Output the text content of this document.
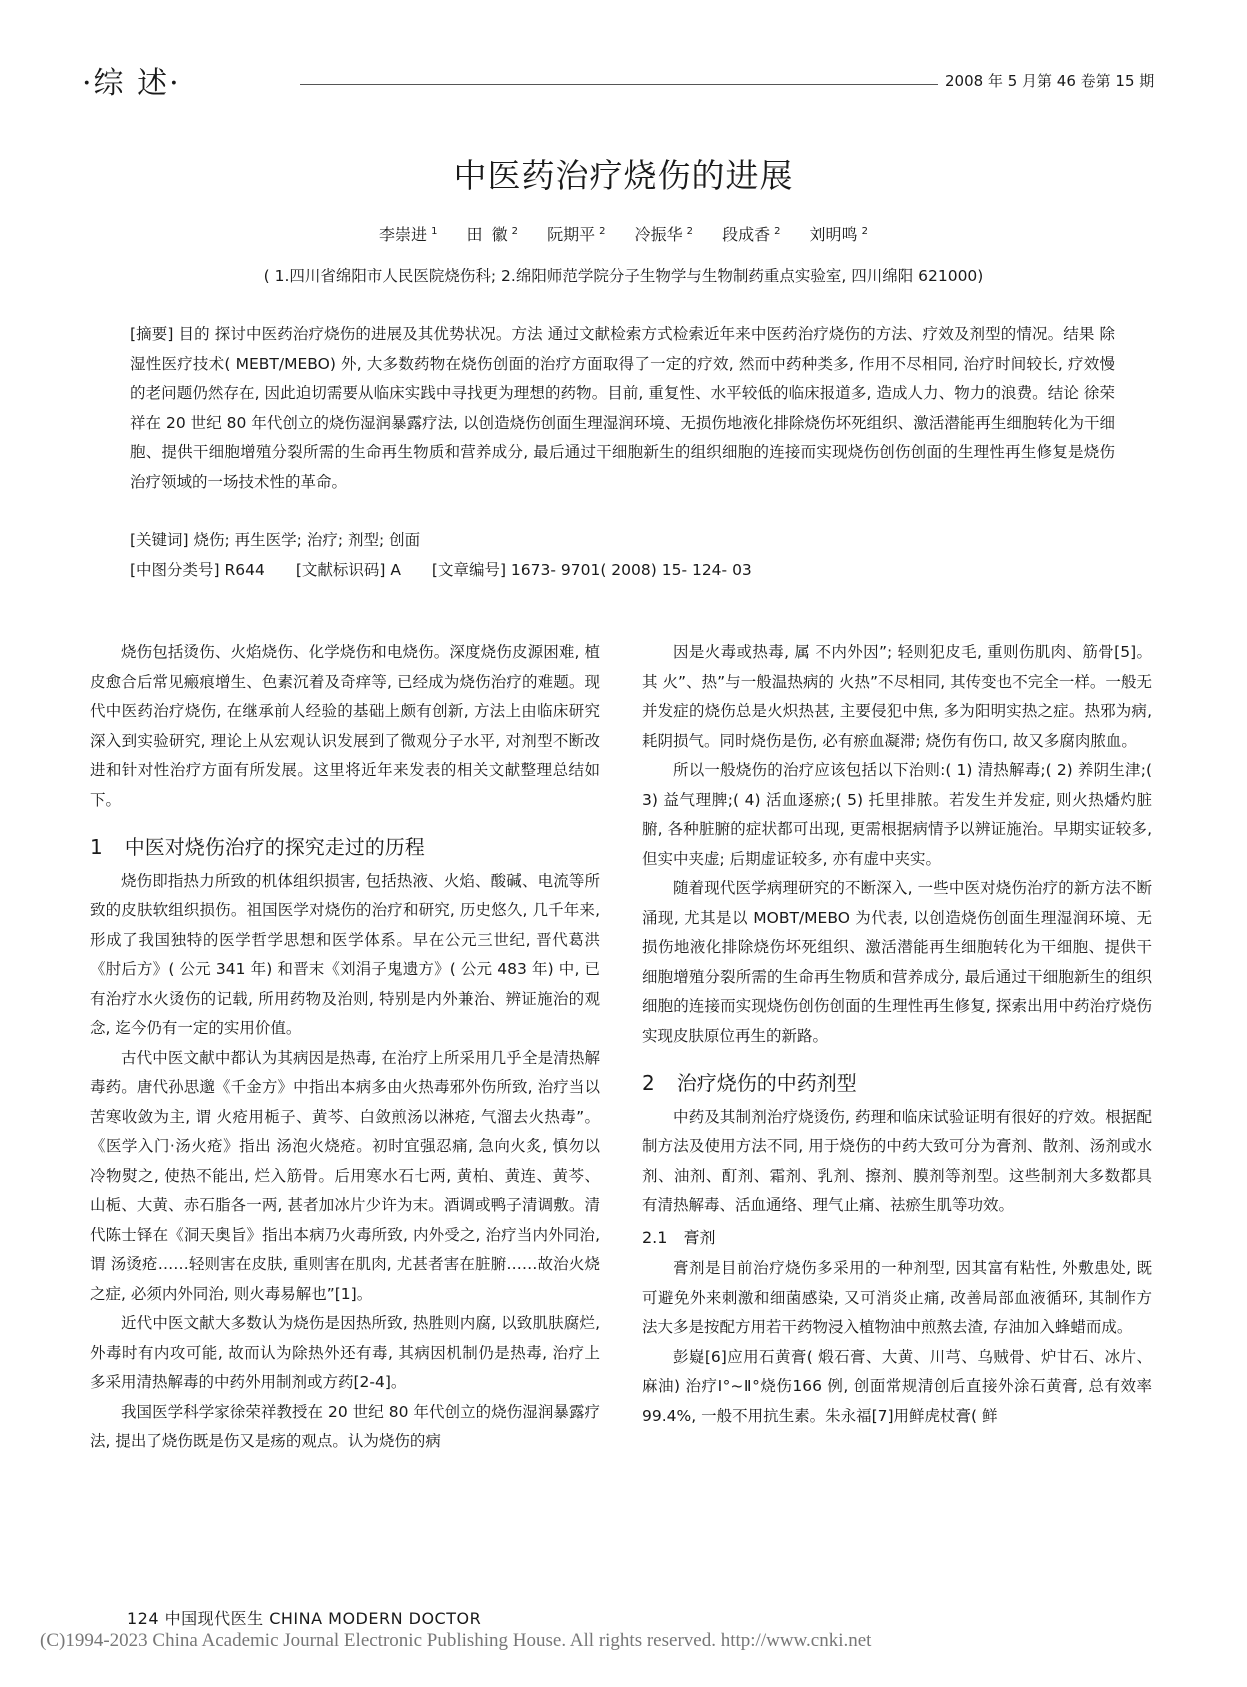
·综 述·	2008 年 5 月第 46 卷第 15 期
中医药治疗烧伤的进展
李崇进 $^1$ 田 徽 $^2$ 阮期平 $^2$ 冷振华 $^2$ 段成香 $^2$ 刘明鸣 $^2$
( 1.四川省绵阳市人民医院烧伤科; 2.绵阳师范学院分子生物学与生物制药重点实验室, 四川绵阳 621000)

[摘要] 目的 探讨中医药治疗烧伤的进展及其优势状况。方法 通过文献检索方式检索近年来中医药治疗烧伤的方法、疗效及剂型的情况。结果 除湿性医疗技术( MEBT/MEBO) 外, 大多数药物在烧伤创面的治疗方面取得了一定的疗效, 然而中药种类多, 作用不尽相同, 治疗时间较长, 疗效慢的老问题仍然存在, 因此迫切需要从临床实践中寻找更为理想的药物。目前, 重复性、水平较低的临床报道多, 造成人力、物力的浪费。结论 徐荣祥在 20 世纪 80 年代创立的烧伤湿润暴露疗法, 以创造烧伤创面生理湿润环境、无损伤地液化排除烧伤坏死组织、激活潜能再生细胞转化为干细胞、提供干细胞增殖分裂所需的生命再生物质和营养成分, 最后通过干细胞新生的组织细胞的连接而实现烧伤创伤创面的生理性再生修复是烧伤治疗领域的一场技术性的革命。

[关键词] 烧伤; 再生医学; 治疗; 剂型; 创面
[中图分类号] R644 [文献标识码] A [文章编号] 1673- 9701( 2008) 15- 124- 03

烧伤包括烫伤、火焰烧伤、化学烧伤和电烧伤。深度烧伤皮源困难, 植皮愈合后常见瘢痕增生、色素沉着及奇痒等, 已经成为烧伤治疗的难题。现代中医药治疗烧伤, 在继承前人经验的基础上颇有创新, 方法上由临床研究深入到实验研究, 理论上从宏观认识发展到了微观分子水平, 对剂型不断改进和针对性治疗方面有所发展。这里将近年来发表的相关文献整理总结如下。

1 中医对烧伤治疗的探究走过的历程

烧伤即指热力所致的机体组织损害, 包括热液、火焰、酸碱、电流等所致的皮肤软组织损伤。祖国医学对烧伤的治疗和研究, 历史悠久, 几千年来, 形成了我国独特的医学哲学思想和医学体系。早在公元三世纪, 晋代葛洪《肘后方》( 公元 341 年) 和晋末《刘涓子鬼遗方》( 公元 483 年) 中, 已有治疗水火烫伤的记载, 所用药物及治则, 特别是内外兼治、辨证施治的观念, 迄今仍有一定的实用价值。

古代中医文献中都认为其病因是热毒, 在治疗上所采用几乎全是清热解毒药。唐代孙思邈《千金方》中指出本病多由火热毒邪外伤所致, 治疗当以苦寒收敛为主, 谓 火疮用栀子、黄芩、白敛煎汤以淋疮, 气溜去火热毒”。《医学入门·汤火疮》指出 汤泡火烧疮。初时宜强忍痛, 急向火炙, 慎勿以冷物熨之, 使热不能出, 烂入筋骨。后用寒水石七两, 黄柏、黄连、黄芩、山栀、大黄、赤石脂各一两, 甚者加冰片少许为末。酒调或鸭子清调敷。清代陈士铎在《洞天奥旨》指出本病乃火毒所致, 内外受之, 治疗当内外同治, 谓 汤烫疮……轻则害在皮肤, 重则害在肌肉, 尤甚者害在脏腑……故治火烧之症, 必须内外同治, 则火毒易解也”[1]。

近代中医文献大多数认为烧伤是因热所致, 热胜则内腐, 以致肌肤腐烂, 外毒时有内攻可能, 故而认为除热外还有毒, 其病因机制仍是热毒, 治疗上多采用清热解毒的中药外用制剂或方药[2-4]。

我国医学科学家徐荣祥教授在 20 世纪 80 年代创立的烧伤湿润暴露疗法, 提出了烧伤既是伤又是疡的观点。认为烧伤的病

因是火毒或热毒, 属 不内外因”; 轻则犯皮毛, 重则伤肌肉、筋骨[5]。其 火”、热”与一般温热病的 火热”不尽相同, 其传变也不完全一样。一般无并发症的烧伤总是火炽热甚, 主要侵犯中焦, 多为阳明实热之症。热邪为病, 耗阴损气。同时烧伤是伤, 必有瘀血凝滞; 烧伤有伤口, 故又多腐肉脓血。

所以一般烧伤的治疗应该包括以下治则:( 1) 清热解毒;( 2) 养阴生津;( 3) 益气理脾;( 4) 活血逐瘀;( 5) 托里排脓。若发生并发症, 则火热燔灼脏腑, 各种脏腑的症状都可出现, 更需根据病情予以辨证施治。早期实证较多, 但实中夹虚; 后期虚证较多, 亦有虚中夹实。

随着现代医学病理研究的不断深入, 一些中医对烧伤治疗的新方法不断涌现, 尤其是以 MOBT/MEBO 为代表, 以创造烧伤创面生理湿润环境、无损伤地液化排除烧伤坏死组织、激活潜能再生细胞转化为干细胞、提供干细胞增殖分裂所需的生命再生物质和营养成分, 最后通过干细胞新生的组织细胞的连接而实现烧伤创伤创面的生理性再生修复, 探索出用中药治疗烧伤实现皮肤原位再生的新路。

2 治疗烧伤的中药剂型

中药及其制剂治疗烧烫伤, 药理和临床试验证明有很好的疗效。根据配制方法及使用方法不同, 用于烧伤的中药大致可分为膏剂、散剂、汤剂或水剂、油剂、酊剂、霜剂、乳剂、擦剂、膜剂等剂型。这些制剂大多数都具有清热解毒、活血通络、理气止痛、祛瘀生肌等功效。

2.1 膏剂

膏剂是目前治疗烧伤多采用的一种剂型, 因其富有粘性, 外敷患处, 既可避免外来刺激和细菌感染, 又可消炎止痛, 改善局部血液循环, 其制作方法大多是按配方用若干药物浸入植物油中煎熬去渣, 存油加入蜂蜡而成。

彭嶷[6]应用石黄膏( 煅石膏、大黄、川芎、乌贼骨、炉甘石、冰片、麻油) 治疗Ⅰ°~Ⅱ°烧伤166 例, 创面常规清创后直接外涂石黄膏, 总有效率 99.4%, 一般不用抗生素。朱永福[7]用鲜虎杖膏( 鲜

124 中国现代医生 CHINA MODERN DOCTOR
(C)1994-2023 China Academic Journal Electronic Publishing House. All rights reserved. http://www.cnki.net
